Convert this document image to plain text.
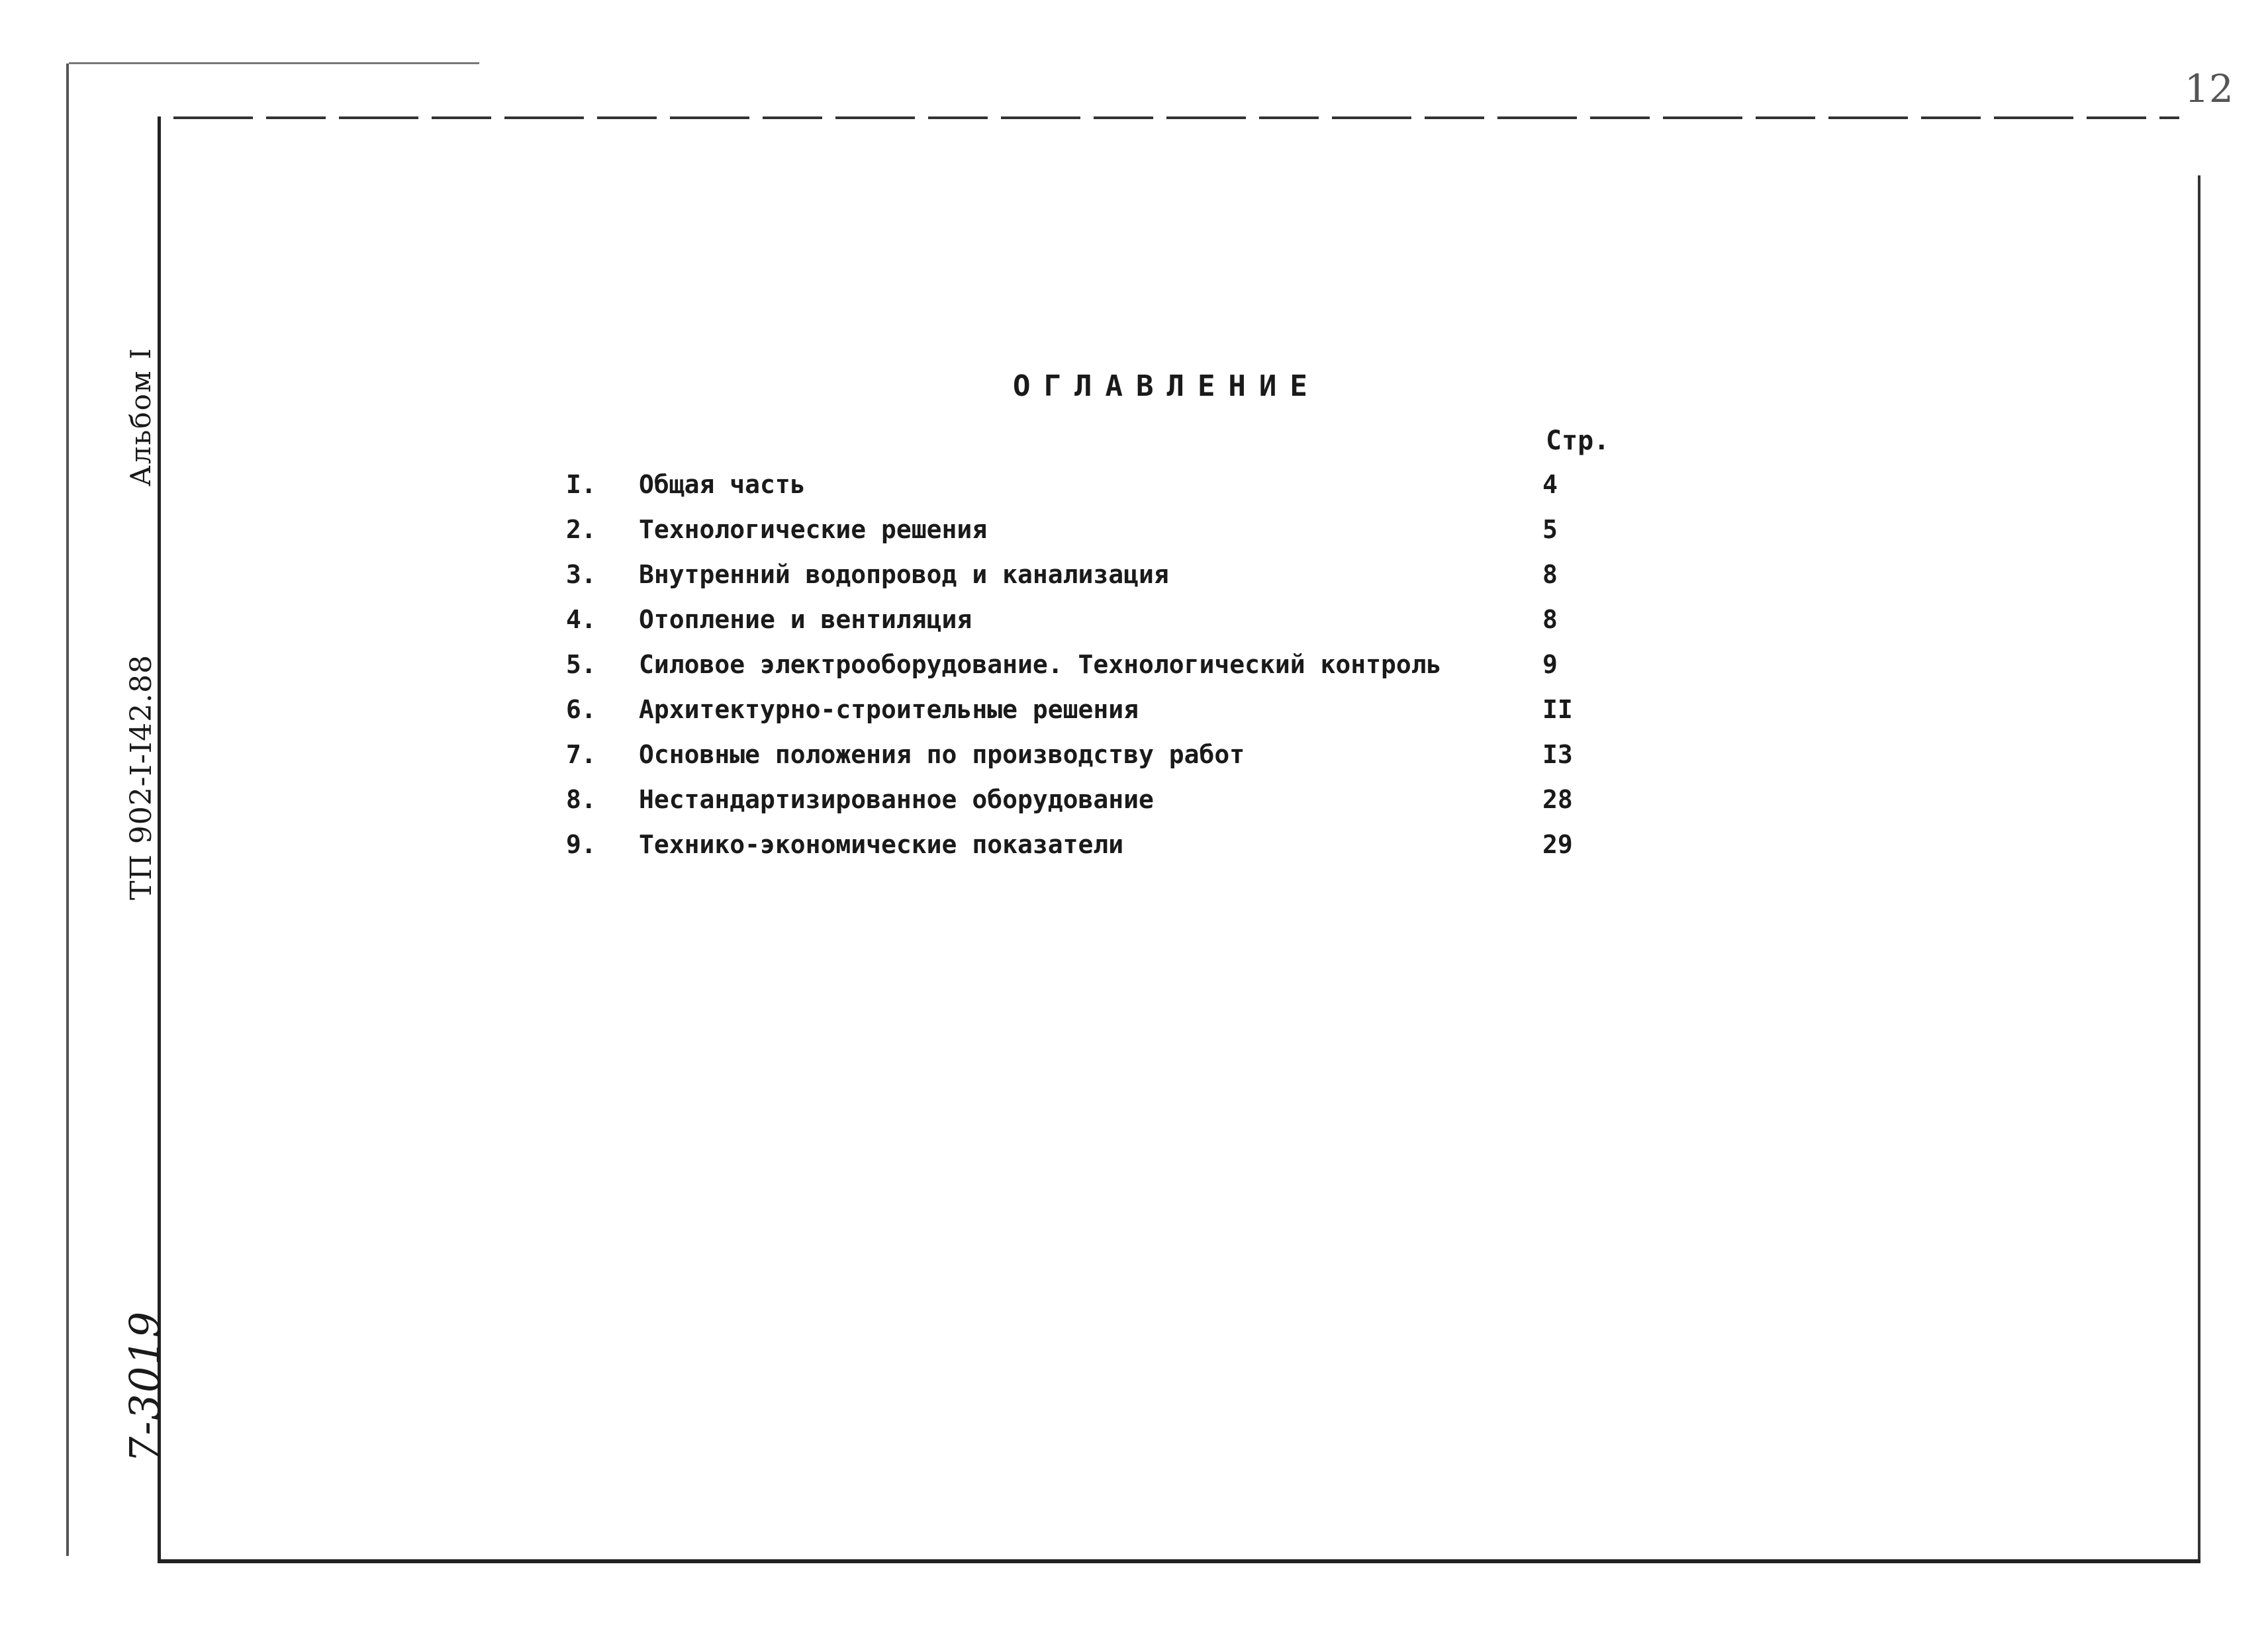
12
Альбом I
ТП 902-I-I42.88
7-3019
ОГЛАВЛЕНИЕ
Стр.
I.	Общая часть	4
2.	Технологические решения	5
3.	Внутренний водопровод и канализация	8
4.	Отопление и вентиляция	8
5.	Силовое электрооборудование. Технологический контроль	9
6.	Архитектурно-строительные решения	II
7.	Основные положения по производству работ	I3
8.	Нестандартизированное оборудование	28
9.	Технико-экономические показатели	29
